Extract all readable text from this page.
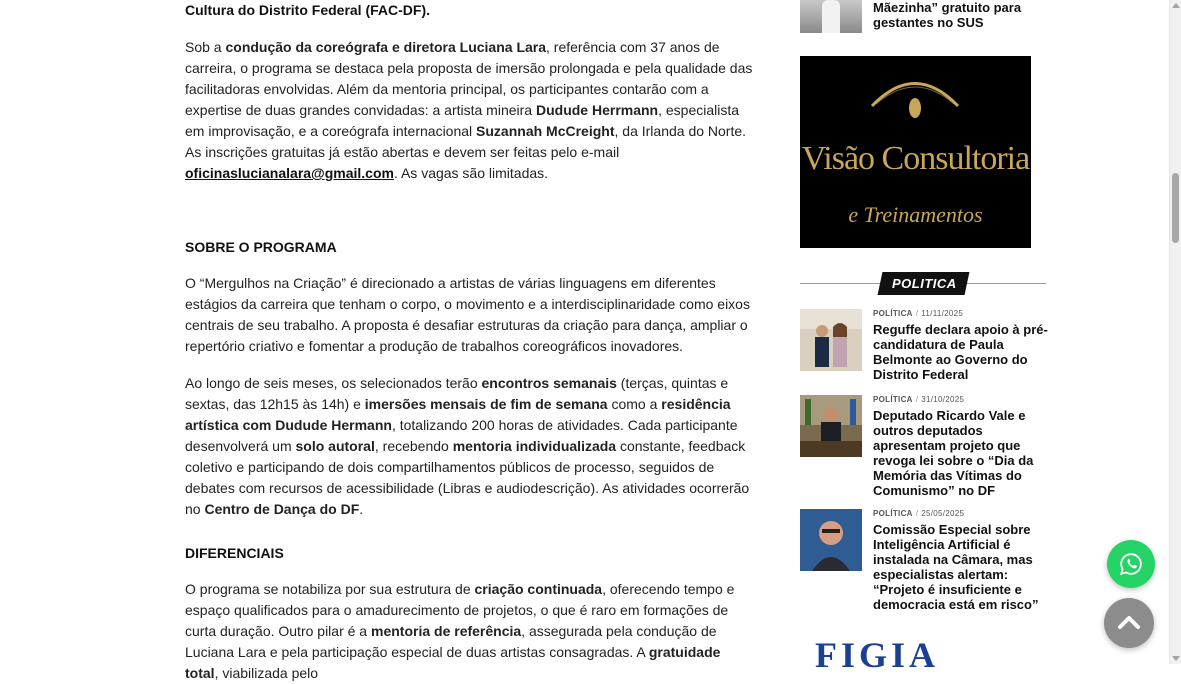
Cultura do Distrito Federal (FAC-DF).

Sob a condução da coreógrafa e diretora Luciana Lara, referência com 37 anos de carreira, o programa se destaca pela proposta de imersão prolongada e pela qualidade das facilitadoras envolvidas. Além da mentoria principal, os participantes contarão com a expertise de duas grandes convidadas: a artista mineira Dudude Herrmann, especialista em improvisação, e a coreógrafa internacional Suzannah McCreight, da Irlanda do Norte. As inscrições gratuitas já estão abertas e devem ser feitas pelo e-mail oficinaslucianalara@gmail.com. As vagas são limitadas.

SOBRE O PROGRAMA

O “Mergulhos na Criação” é direcionado a artistas de várias linguagens em diferentes estágios da carreira que tenham o corpo, o movimento e a interdisciplinaridade como eixos centrais de seu trabalho. A proposta é desafiar estruturas da criação para dança, ampliar o repertório criativo e fomentar a produção de trabalhos coreográficos inovadores.

Ao longo de seis meses, os selecionados terão encontros semanais (terças, quintas e sextas, das 12h15 às 14h) e imersões mensais de fim de semana como a residência artística com Dudude Hermann, totalizando 200 horas de atividades. Cada participante desenvolverá um solo autoral, recebendo mentoria individualizada constante, feedback coletivo e participando de dois compartilhamentos públicos de processo, seguidos de debates com recursos de acessibilidade (Libras e audiodescrição). As atividades ocorrerão no Centro de Dança do DF.

DIFERENCIAIS

O programa se notabiliza por sua estrutura de criação continuada, oferecendo tempo e espaço qualificados para o amadurecimento de projetos, o que é raro em formações de curta duração. Outro pilar é a mentoria de referência, assegurada pela condução de Luciana Lara e pela participação especial de duas artistas consagradas. A gratuidade total, viabilizada pelo

Mãezinha” gratuito para gestantes no SUS
Visão Consultoria
e Treinamentos
POLITICA
POLÍTICA / 11/11/2025
Reguffe declara apoio à pré-candidatura de Paula Belmonte ao Governo do Distrito Federal
POLÍTICA / 31/10/2025
Deputado Ricardo Vale e outros deputados apresentam projeto que revoga lei sobre o “Dia da Memória das Vítimas do Comunismo” no DF
POLÍTICA / 25/05/2025
Comissão Especial sobre Inteligência Artificial é instalada na Câmara, mas especialistas alertam: “Projeto é insuficiente e democracia está em risco”
FIGIA
